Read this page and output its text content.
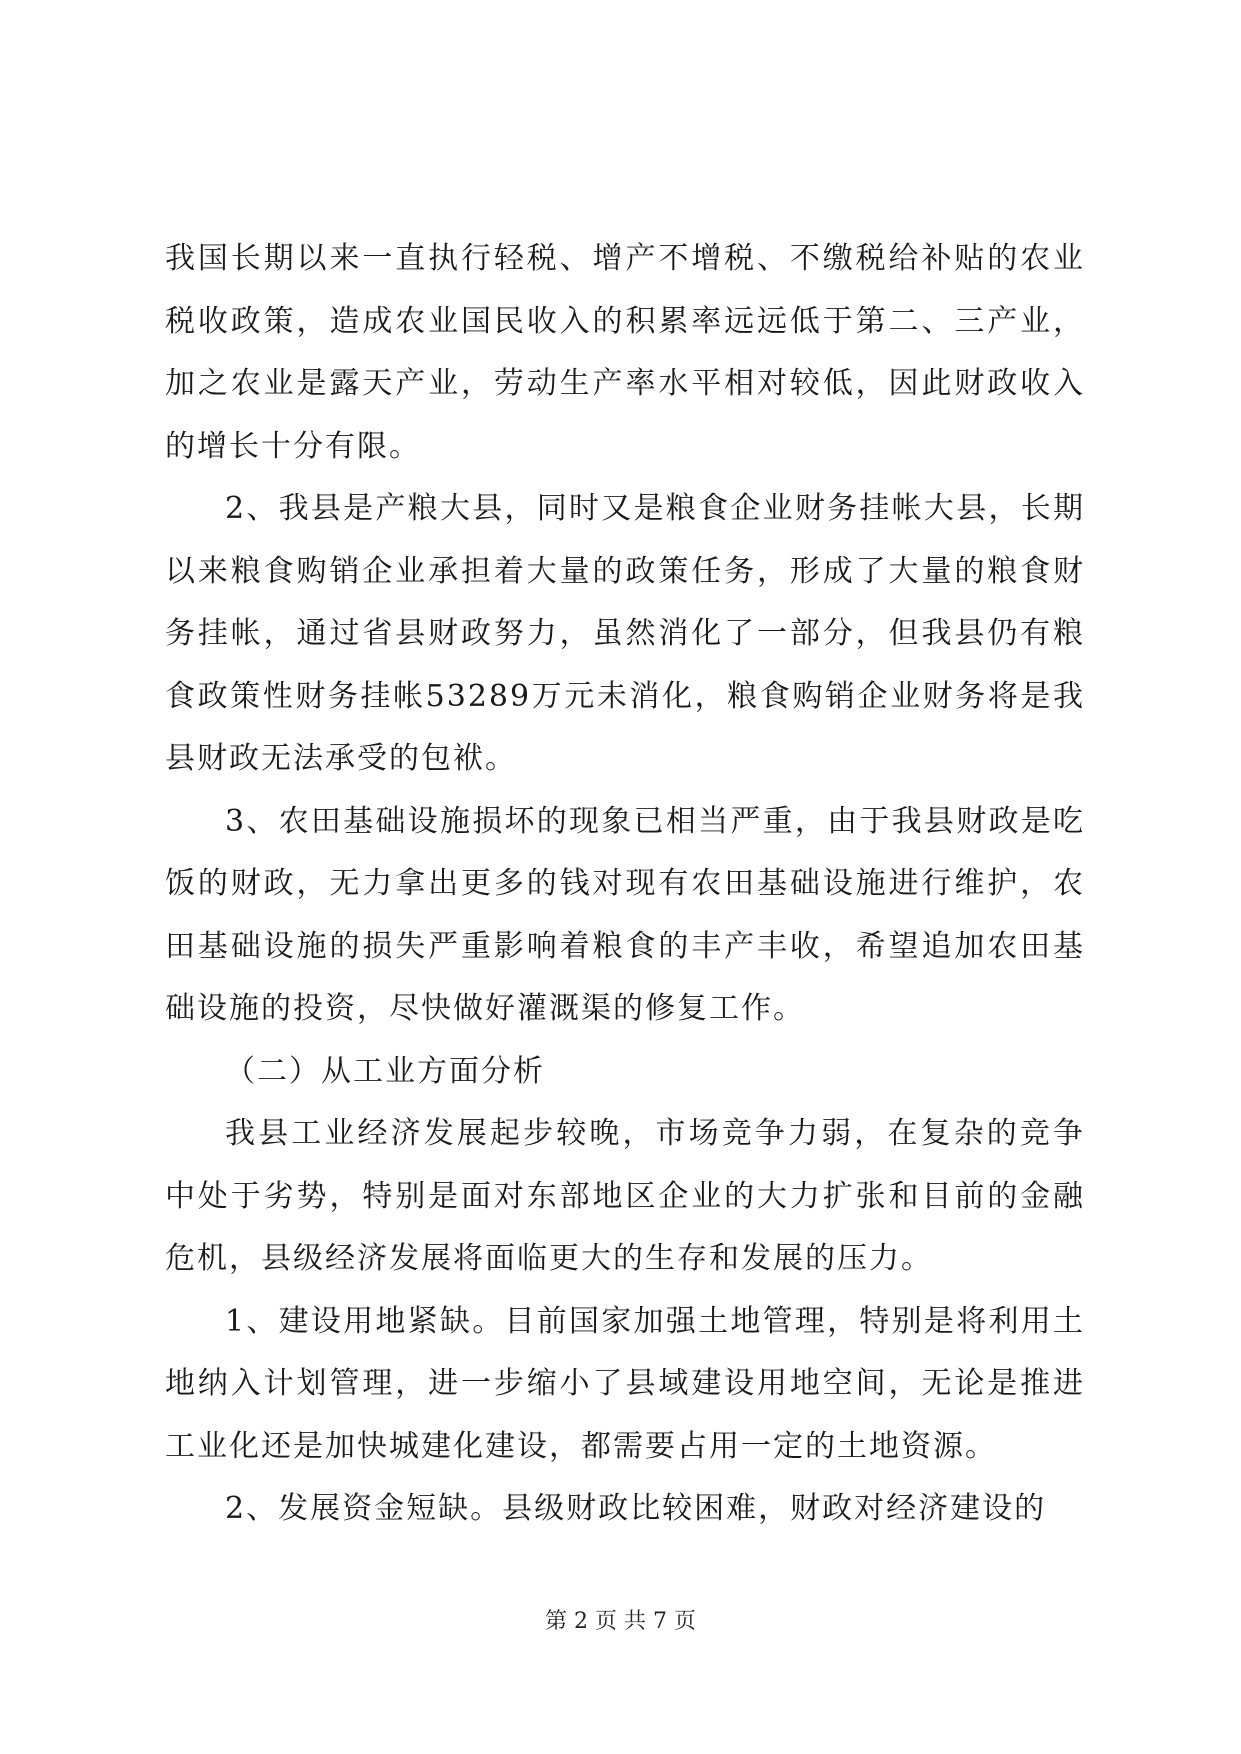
我国长期以来一直执行轻税、增产不增税、不缴税给补贴的农业税收政策，造成农业国民收入的积累率远远低于第二、三产业，加之农业是露天产业，劳动生产率水平相对较低，因此财政收入的增长十分有限。

2、我县是产粮大县，同时又是粮食企业财务挂帐大县，长期以来粮食购销企业承担着大量的政策任务，形成了大量的粮食财务挂帐，通过省县财政努力，虽然消化了一部分，但我县仍有粮食政策性财务挂帐53289万元未消化，粮食购销企业财务将是我县财政无法承受的包袱。

3、农田基础设施损坏的现象已相当严重，由于我县财政是吃饭的财政，无力拿出更多的钱对现有农田基础设施进行维护，农田基础设施的损失严重影响着粮食的丰产丰收，希望追加农田基础设施的投资，尽快做好灌溉渠的修复工作。

（二）从工业方面分析

我县工业经济发展起步较晚，市场竞争力弱，在复杂的竞争中处于劣势，特别是面对东部地区企业的大力扩张和目前的金融危机，县级经济发展将面临更大的生存和发展的压力。

1、建设用地紧缺。目前国家加强土地管理，特别是将利用土地纳入计划管理，进一步缩小了县域建设用地空间，无论是推进工业化还是加快城建化建设，都需要占用一定的土地资源。

2、发展资金短缺。县级财政比较困难，财政对经济建设的

第 2 页 共 7 页
